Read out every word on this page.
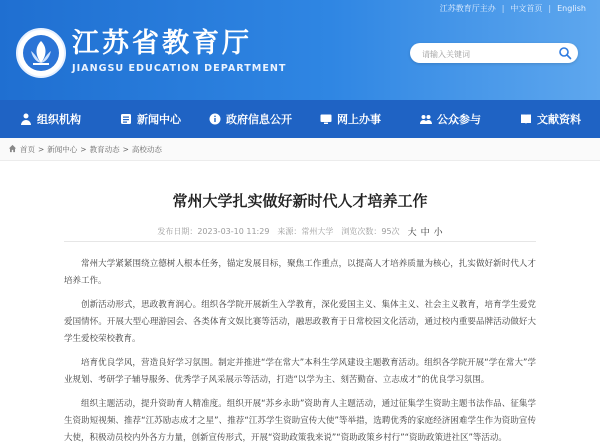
江苏教育厅主办 | 中文首页 | English
江苏省教育厅
JIANGSU EDUCATION DEPARTMENT
请输入关键词
组织机构	新闻中心	政府信息公开	网上办事	公众参与	文献资料
首页 > 新闻中心 > 教育动态 > 高校动态
常州大学扎实做好新时代人才培养工作
发布日期：2023-03-10 11:29 来源：常州大学 浏览次数：95次 大 中 小

常州大学紧紧围绕立德树人根本任务，锚定发展目标，聚焦工作重点，以提高人才培养质量为核心，扎实做好新时代人才培养工作。

创新活动形式，思政教育润心。组织各学院开展新生入学教育，深化爱国主义、集体主义、社会主义教育，培育学生爱党爱国情怀。开展大型心理游园会、各类体育文娱比赛等活动，融思政教育于日常校园文化活动，通过校内重要品牌活动做好大学生爱校荣校教育。

培育优良学风，营造良好学习氛围。制定并推进“学在常大”本科生学风建设主题教育活动。组织各学院开展“学在常大”学业规划、考研学子辅导服务、优秀学子风采展示等活动，打造“以学为主、刻苦勤奋、立志成才”的优良学习氛围。

组织主题活动，提升资助育人精准度。组织开展“苏乡永助”资助育人主题活动，通过征集学生资助主题书法作品、征集学生资助短视频、推荐“江苏励志成才之星”、推荐“江苏学生资助宣传大使”等举措，选聘优秀的家庭经济困难学生作为资助宣传大使，积极动员校内外各方力量，创新宣传形式，开展“资助政策我来说”“资助政策乡村行”“资助政策进社区”等活动。
